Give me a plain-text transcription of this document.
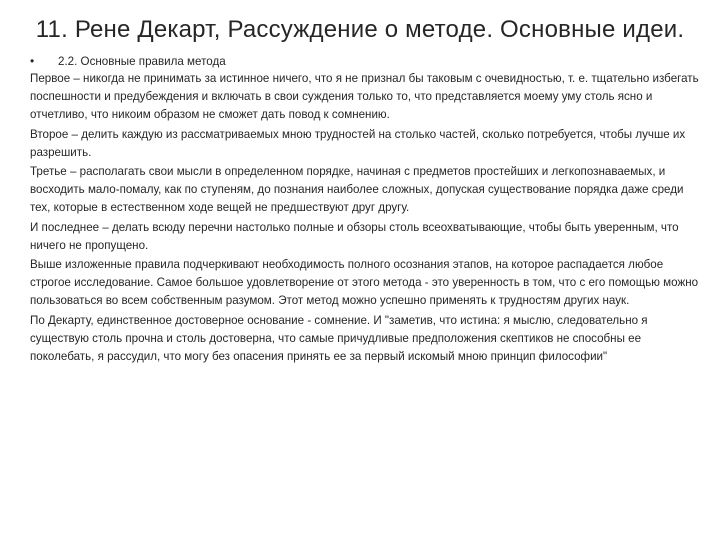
11. Рене Декарт, Рассуждение о методе. Основные идеи.
•	2.2. Основные правила метода

Первое – никогда не принимать за истинное ничего, что я не признал бы таковым с очевидностью, т. е. тщательно избегать поспешности и предубеждения и включать в свои суждения только то, что представляется моему уму столь ясно и отчетливо, что никоим образом не сможет дать повод к сомнению.

Второе – делить каждую из рассматриваемых мною трудностей на столько частей, сколько потребуется, чтобы лучше их разрешить.

Третье – располагать свои мысли в определенном порядке, начиная с предметов простейших и легкопознаваемых, и восходить мало-помалу, как по ступеням, до познания наиболее сложных, допуская существование порядка даже среди тех, которые в естественном ходе вещей не предшествуют друг другу.

И последнее – делать всюду перечни настолько полные и обзоры столь всеохватывающие, чтобы быть уверенным, что ничего не пропущено.

Выше изложенные правила подчеркивают необходимость полного осознания этапов, на которое распадается любое строгое исследование. Самое большое удовлетворение от этого метода - это уверенность в том, что с его помощью можно пользоваться во всем собственным разумом. Этот метод можно успешно применять к трудностям других наук.

По Декарту, единственное достоверное основание - сомнение. И "заметив, что истина: я мыслю, следовательно я существую столь прочна и столь достоверна, что самые причудливые предположения скептиков не способны ее поколебать, я рассудил, что могу без опасения принять ее за первый искомый мною принцип философии"
